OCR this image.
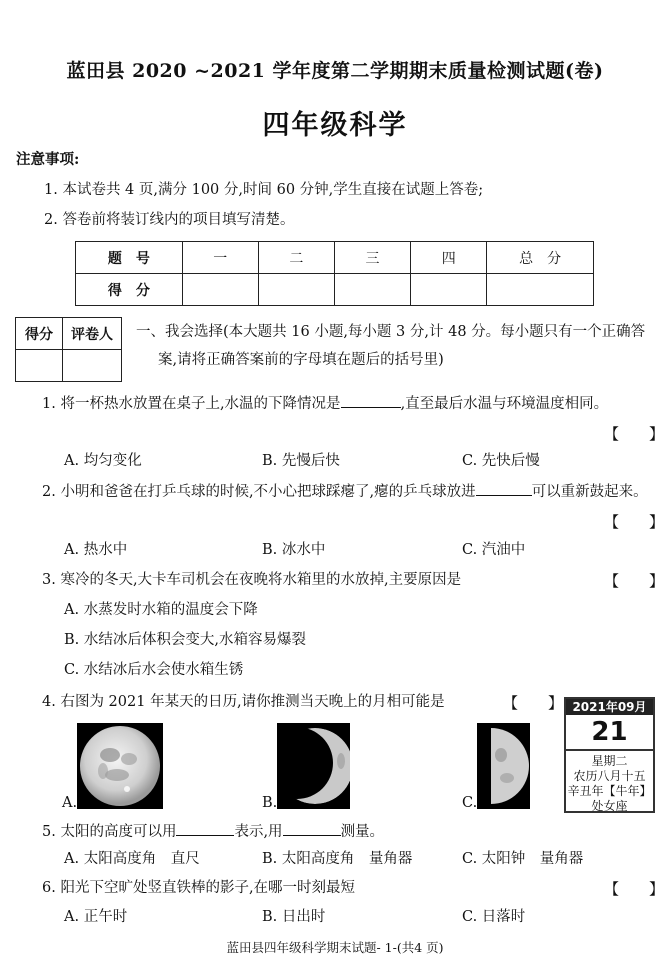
蓝田县 2020 ~2021 学年度第二学期期末质量检测试题(卷)
四年级科学
注意事项:
1. 本试卷共 4 页,满分 100 分,时间 60 分钟,学生直接在试题上答卷;
2. 答卷前将装订线内的项目填写清楚。
题　号	一	二	三	四	总　分
得　分					
得分	评卷人
	一、我会选择(本大题共 16 小题,每小题 3 分,计 48 分。每小题只有一个正确答
案,请将正确答案前的字母填在题后的括号里)
1. 将一杯热水放置在桌子上,水温的下降情况是	,直至最后水温与环境温度相同。
【　　】
A. 均匀变化	B. 先慢后快	C. 先快后慢
2. 小明和爸爸在打乒乓球的时候,不小心把球踩瘪了,瘪的乒乓球放进	可以重新鼓起来。
【　　】
A. 热水中	B. 冰水中	C. 汽油中
3. 寒冷的冬天,大卡车司机会在夜晚将水箱里的水放掉,主要原因是	【　　】
A. 水蒸发时水箱的温度会下降
B. 水结冰后体积会变大,水箱容易爆裂
C. 水结冰后水会使水箱生锈
4. 右图为 2021 年某天的日历,请你推测当天晚上的月相可能是	【　　】
A.	B.	C.
2021年09月
21
星期二
农历八月十五
辛丑年【牛年】
处女座
5. 太阳的高度可以用	表示,用	测量。
A. 太阳高度角　直尺	B. 太阳高度角　量角器	C. 太阳钟　量角器
6. 阳光下空旷处竖直铁棒的影子,在哪一时刻最短	【　　】
A. 正午时	B. 日出时	C. 日落时
蓝田县四年级科学期末试题- 1-(共4 页)
